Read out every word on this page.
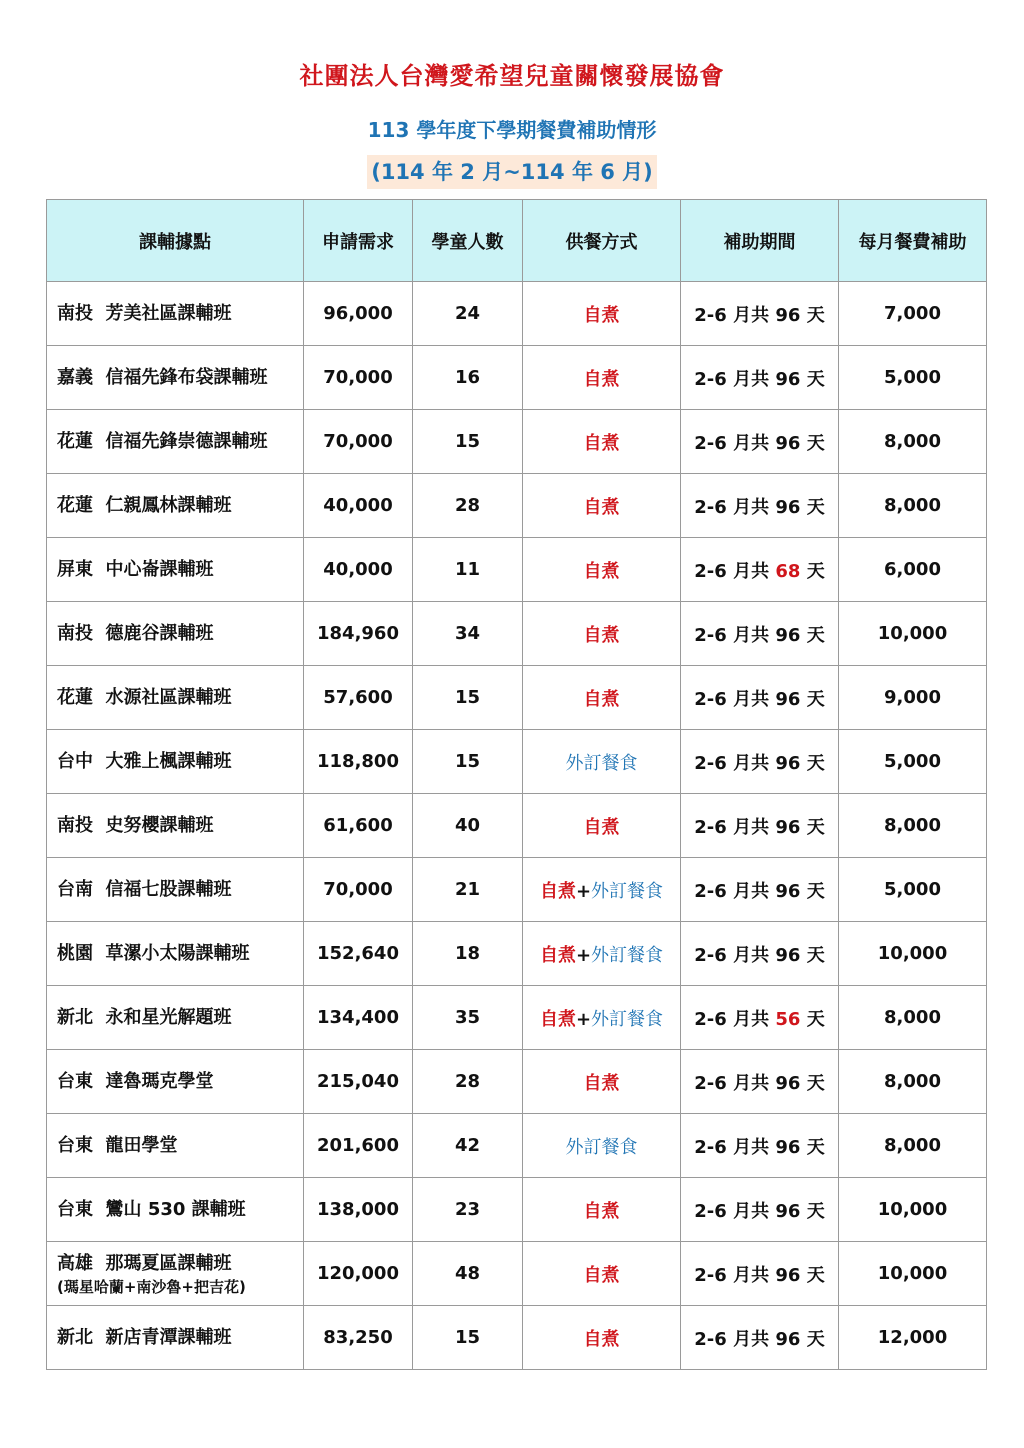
社團法人台灣愛希望兒童關懷發展協會
113 學年度下學期餐費補助情形
(114 年 2 月~114 年 6 月)
課輔據點	申請需求	學童人數	供餐方式	補助期間	每月餐費補助

南投 芳美社區課輔班	96,000	24	自煮	2-6 月共 96 天	7,000

嘉義 信福先鋒布袋課輔班	70,000	16	自煮	2-6 月共 96 天	5,000

花蓮 信福先鋒崇德課輔班	70,000	15	自煮	2-6 月共 96 天	8,000

花蓮 仁親鳳林課輔班	40,000	28	自煮	2-6 月共 96 天	8,000

屏東 中心崙課輔班	40,000	11	自煮	2-6 月共 68 天	6,000

南投 德鹿谷課輔班	184,960	34	自煮	2-6 月共 96 天	10,000

花蓮 水源社區課輔班	57,600	15	自煮	2-6 月共 96 天	9,000

台中 大雅上楓課輔班	118,800	15	外訂餐食	2-6 月共 96 天	5,000

南投 史努櫻課輔班	61,600	40	自煮	2-6 月共 96 天	8,000

台南 信福七股課輔班	70,000	21	自煮+外訂餐食	2-6 月共 96 天	5,000

桃園 草漯小太陽課輔班	152,640	18	自煮+外訂餐食	2-6 月共 96 天	10,000

新北 永和星光解題班	134,400	35	自煮+外訂餐食	2-6 月共 56 天	8,000

台東 達魯瑪克學堂	215,040	28	自煮	2-6 月共 96 天	8,000

台東 龍田學堂	201,600	42	外訂餐食	2-6 月共 96 天	8,000

台東 鸞山 530 課輔班	138,000	23	自煮	2-6 月共 96 天	10,000

高雄 那瑪夏區課輔班
(瑪星哈蘭+南沙魯+把吉花)	120,000	48	自煮	2-6 月共 96 天	10,000

新北 新店青潭課輔班	83,250	15	自煮	2-6 月共 96 天	12,000
